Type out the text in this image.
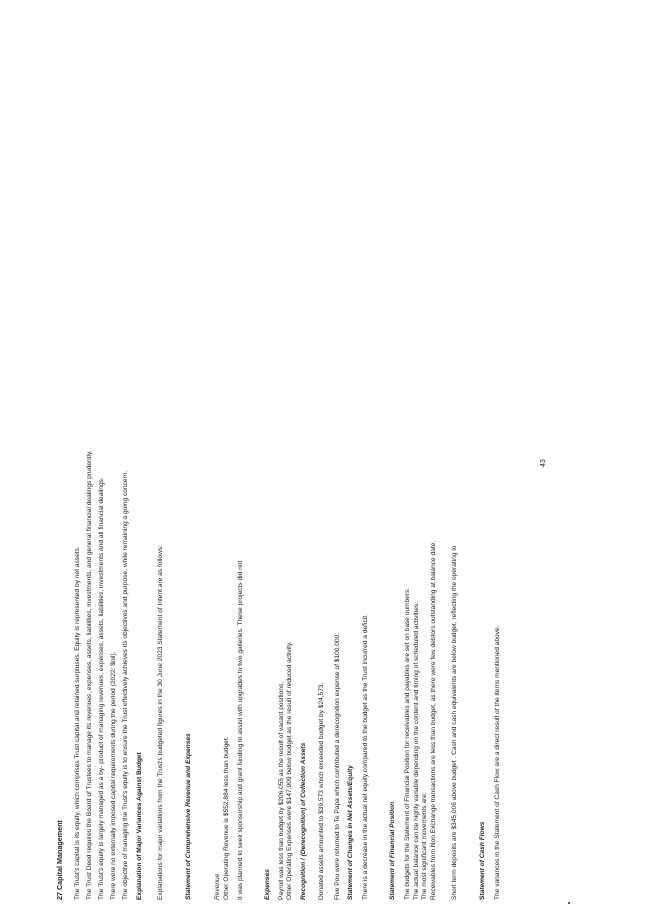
27 Capital Management The Trust's capital is its equity, which comprises Trust capital and retained surpluses. Equity is represented by net assets. The Trust Deed requires the Board of Trustees to manage its revenues, expenses, assets, liabilities, investments, and general financial dealings prudently. The Trust's equity is largely managed as a by- product of managing revenues, expenses, assets, liabilities, investments and all financial dealings. There were no externally imposed capital requirements during the period (2022: $nil). The objective of managing the Trust's equity is to ensure the Trust effectively achieves its objectives and purpose, while remaining a going concern. Explanation of Major Variances Against Budget Explanations for major variations from the Trust's budgeted figures in the 30 June 2023 Statement of Intent are as follows:	Statement of Comprehensive Revenue and Expenses	Revenue Other Operating Revenue is $552,884 less than budget. It was planned to seek sponsorship and grant funding to assist with upgrades to two galleries. These projects did not	Expenses Payroll was less than budget by $206,055 as the result of vacant positions. Other Operating Expenses were $147,909 below budget as the result of reduced activity. Recognition / (Derecognition) of Collection Assets Donated assets amounted to $39,573 which exceeded budget by $24,573. Five Pou were returned to Te Papa which contributed a derecognition expense of $100,000. Statement of Changes in Net Assets/Equity There is a decrease in the actual net equity compared to the budget as the Trust incurred a deficit.	Statement of Financial Position The budgets for the Statement of Financial Position for receivables and payables are set on base numbers. The actual balance can be highly variable depending on the content and timing of scheduled activities. The most significant movements are: Receivables from Non Exchange transactions are less than budget, as there were few debtors outstanding at balance date. Short term deposits are $345,006 above budget . Cash and cash equivalents are below budget, reflecting the operating lo	Statement of Cash Flows The variances in the Statement of Cash Flow are a direct result of the items mentioned above.
43
